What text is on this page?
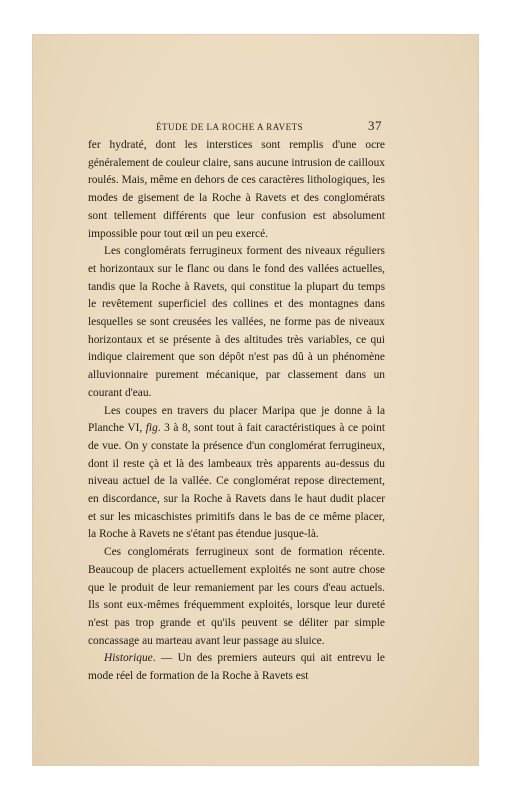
ÉTUDE DE LA ROCHE A RAVETS	37

fer hydraté, dont les interstices sont remplis d'une ocre généralement de couleur claire, sans aucune intrusion de cailloux roulés. Mais, même en dehors de ces caractères lithologiques, les modes de gisement de la Roche à Ravets et des conglomérats sont tellement différents que leur confusion est absolument impossible pour tout œil un peu exercé.

Les conglomérats ferrugineux forment des niveaux réguliers et horizontaux sur le flanc ou dans le fond des vallées actuelles, tandis que la Roche à Ravets, qui constitue la plupart du temps le revêtement superficiel des collines et des montagnes dans lesquelles se sont creusées les vallées, ne forme pas de niveaux horizontaux et se présente à des altitudes très variables, ce qui indique clairement que son dépôt n'est pas dû à un phénomène alluvionnaire purement mécanique, par classement dans un courant d'eau.

Les coupes en travers du placer Maripa que je donne à la Planche VI, fig. 3 à 8, sont tout à fait caractéristiques à ce point de vue. On y constate la présence d'un conglomérat ferrugineux, dont il reste çà et là des lambeaux très apparents au-dessus du niveau actuel de la vallée. Ce conglomérat repose directement, en discordance, sur la Roche à Ravets dans le haut dudit placer et sur les micaschistes primitifs dans le bas de ce même placer, la Roche à Ravets ne s'étant pas étendue jusque-là.

Ces conglomérats ferrugineux sont de formation récente. Beaucoup de placers actuellement exploités ne sont autre chose que le produit de leur remaniement par les cours d'eau actuels. Ils sont eux-mêmes fréquemment exploités, lorsque leur dureté n'est pas trop grande et qu'ils peuvent se déliter par simple concassage au marteau avant leur passage au sluice.

Historique. — Un des premiers auteurs qui ait entrevu le mode réel de formation de la Roche à Ravets est
